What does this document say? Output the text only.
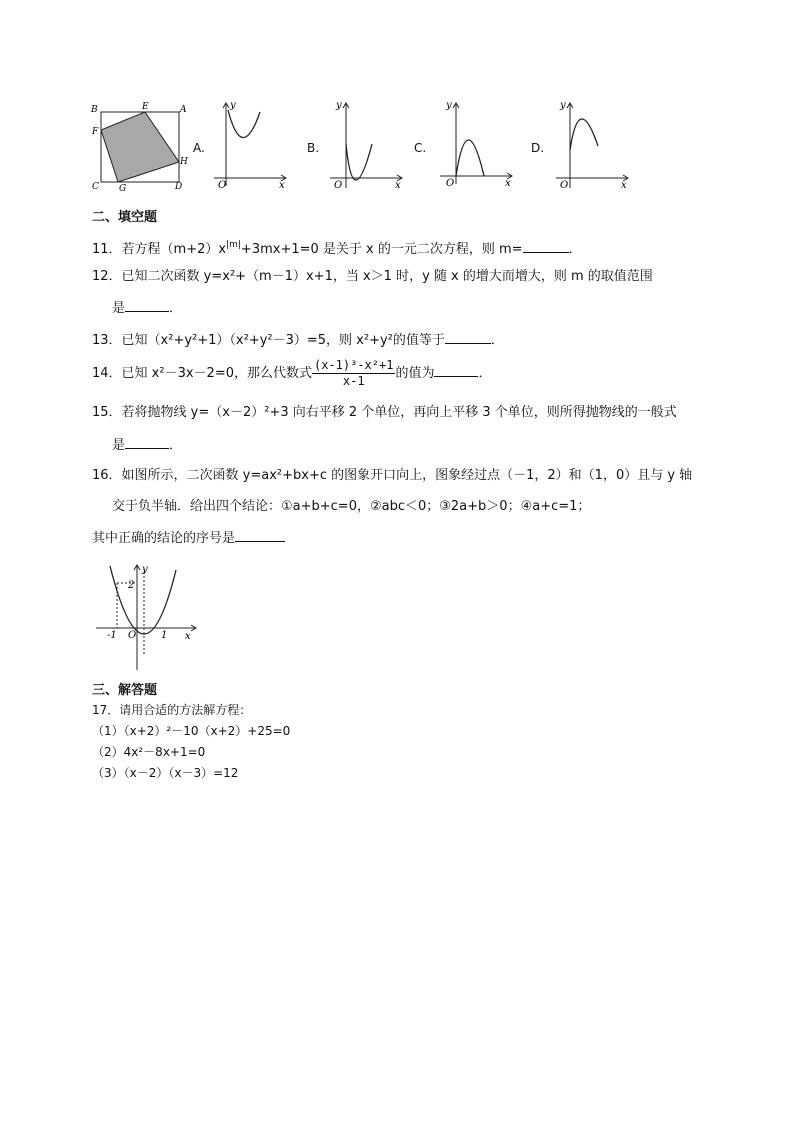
B	E	A
F
H
C G	D
A.
y
x
O
B.
y
x
O
C.
y
x
O
D.
y
x
O
二、填空题
11．若方程$(m+2)x^{|m|}+3mx+1=0$ 是关于 x 的一元二次方程，则 m=	．
12．已知二次函数 y=x²+（m－1）x+1，当 x＞1 时，y 随 x 的增大而增大，则 m 的取值范围
是	．
13．已知（x²+y²+1）（x²+y²－3）=5，则 x²+y²的值等于	．
14．已知 x²－3x－2=0，那么代数式 $\frac{\text{(x-1)³-x²+1}}{x-1}$ 的值为	．
15．若将抛物线 y=（x－2）²+3 向右平移 2 个单位，再向上平移 3 个单位，则所得抛物线的一般式
是	．
16．如图所示，二次函数 y=ax²+bx+c 的图象开口向上，图象经过点（－1，2）和（1，0）且与 y 轴
交于负半轴．给出四个结论：①a+b+c=0，②abc＜0；③2a+b＞0；④a+c=1；
其中正确的结论的序号是
y
x
2
-1 O 1
三、解答题
17．请用合适的方法解方程：
（1）（x+2）²－10（x+2）+25=0
（2）4x²－8x+1=0
（3）（x－2）（x－3）=12
